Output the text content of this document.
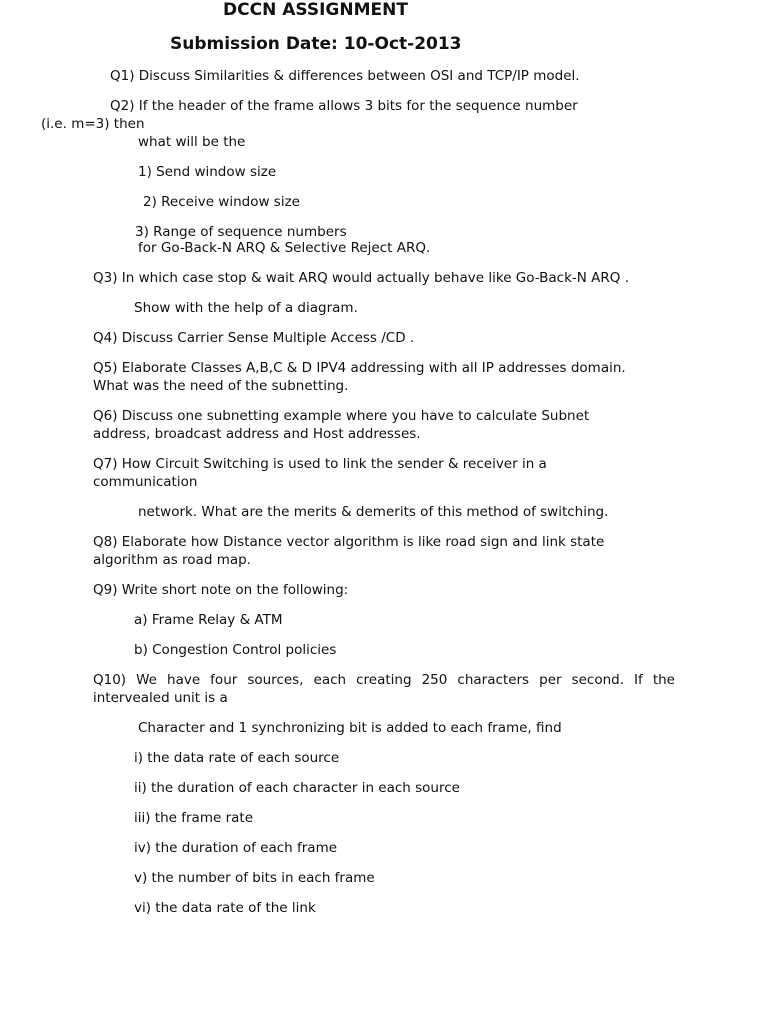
DCCN ASSIGNMENT
Submission Date: 10-Oct-2013
Q1) Discuss Similarities & differences between OSI and TCP/IP model.
Q2) If the header of the frame allows 3 bits for the sequence number
(i.e. m=3) then
what will be the
1) Send window size
2) Receive window size
3) Range of sequence numbers
for Go-Back-N ARQ & Selective Reject ARQ.
Q3) In which case stop & wait ARQ would actually behave like Go-Back-N ARQ .
Show with the help of a diagram.
Q4) Discuss Carrier Sense Multiple Access /CD .
Q5) Elaborate Classes A,B,C & D IPV4 addressing with all IP addresses domain.
What was the need of the subnetting.
Q6) Discuss one subnetting example where you have to calculate Subnet
address, broadcast address and Host addresses.
Q7) How Circuit Switching is used to link the sender & receiver in a
communication
network. What are the merits & demerits of this method of switching.
Q8) Elaborate how Distance vector algorithm is like road sign and link state
algorithm as road map.
Q9) Write short note on the following:
a) Frame Relay & ATM
b) Congestion Control policies
Q10) We have four sources, each creating 250 characters per second. If the
intervealed unit is a
Character and 1 synchronizing bit is added to each frame, find
i) the data rate of each source
ii) the duration of each character in each source
iii) the frame rate
iv) the duration of each frame
v) the number of bits in each frame
vi) the data rate of the link
